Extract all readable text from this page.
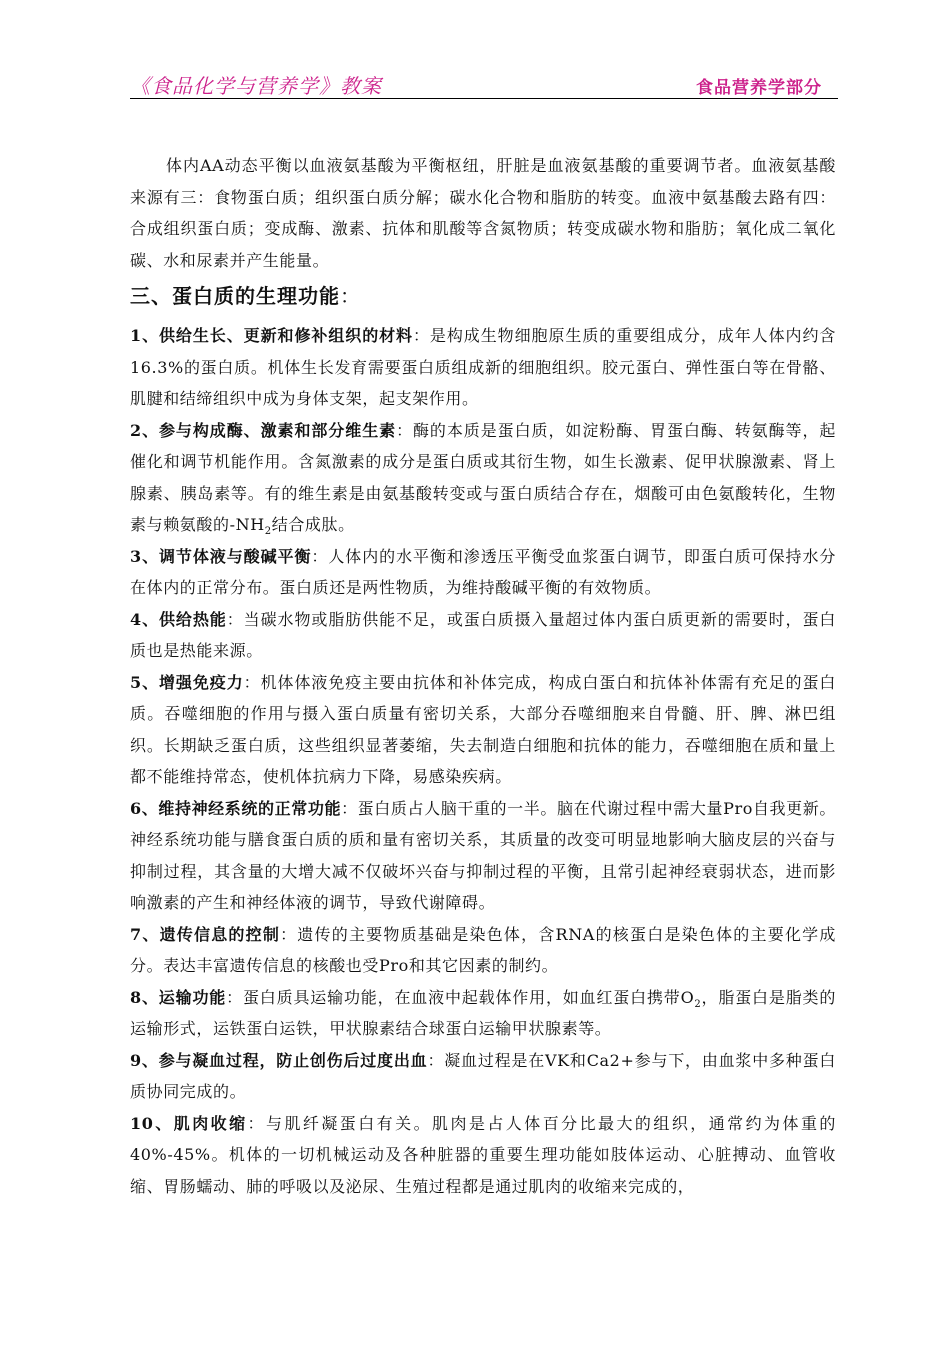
《食品化学与营养学》教案	食品营养学部分

体内AA动态平衡以血液氨基酸为平衡枢纽，肝脏是血液氨基酸的重要调节者。血液氨基酸来源有三：食物蛋白质；组织蛋白质分解；碳水化合物和脂肪的转变。血液中氨基酸去路有四：合成组织蛋白质；变成酶、激素、抗体和肌酸等含氮物质；转变成碳水物和脂肪；氧化成二氧化碳、水和尿素并产生能量。

三、蛋白质的生理功能：

1、供给生长、更新和修补组织的材料：是构成生物细胞原生质的重要组成分，成年人体内约含16.3%的蛋白质。机体生长发育需要蛋白质组成新的细胞组织。胶元蛋白、弹性蛋白等在骨骼、肌腱和结缔组织中成为身体支架，起支架作用。

2、参与构成酶、激素和部分维生素：酶的本质是蛋白质，如淀粉酶、胃蛋白酶、转氨酶等，起催化和调节机能作用。含氮激素的成分是蛋白质或其衍生物，如生长激素、促甲状腺激素、肾上腺素、胰岛素等。有的维生素是由氨基酸转变或与蛋白质结合存在，烟酸可由色氨酸转化，生物素与赖氨酸的$-NH_2$结合成肽。

3、调节体液与酸碱平衡：人体内的水平衡和渗透压平衡受血浆蛋白调节，即蛋白质可保持水分在体内的正常分布。蛋白质还是两性物质，为维持酸碱平衡的有效物质。

4、供给热能：当碳水物或脂肪供能不足，或蛋白质摄入量超过体内蛋白质更新的需要时，蛋白质也是热能来源。

5、增强免疫力：机体体液免疫主要由抗体和补体完成，构成白蛋白和抗体补体需有充足的蛋白质。吞噬细胞的作用与摄入蛋白质量有密切关系，大部分吞噬细胞来自骨髓、肝、脾、淋巴组织。长期缺乏蛋白质，这些组织显著萎缩，失去制造白细胞和抗体的能力，吞噬细胞在质和量上都不能维持常态，使机体抗病力下降，易感染疾病。

6、维持神经系统的正常功能：蛋白质占人脑干重的一半。脑在代谢过程中需大量Pro自我更新。神经系统功能与膳食蛋白质的质和量有密切关系，其质量的改变可明显地影响大脑皮层的兴奋与抑制过程，其含量的大增大减不仅破坏兴奋与抑制过程的平衡，且常引起神经衰弱状态，进而影响激素的产生和神经体液的调节，导致代谢障碍。

7、遗传信息的控制：遗传的主要物质基础是染色体，含RNA的核蛋白是染色体的主要化学成分。表达丰富遗传信息的核酸也受Pro和其它因素的制约。

8、运输功能：蛋白质具运输功能，在血液中起载体作用，如血红蛋白携带$O_2$，脂蛋白是脂类的运输形式，运铁蛋白运铁，甲状腺素结合球蛋白运输甲状腺素等。

9、参与凝血过程，防止创伤后过度出血：凝血过程是在VK和Ca2+参与下，由血浆中多种蛋白质协同完成的。

10、肌肉收缩：与肌纤凝蛋白有关。肌肉是占人体百分比最大的组织，通常约为体重的40%-45%。机体的一切机械运动及各种脏器的重要生理功能如肢体运动、心脏搏动、血管收缩、胃肠蠕动、肺的呼吸以及泌尿、生殖过程都是通过肌肉的收缩来完成的，
